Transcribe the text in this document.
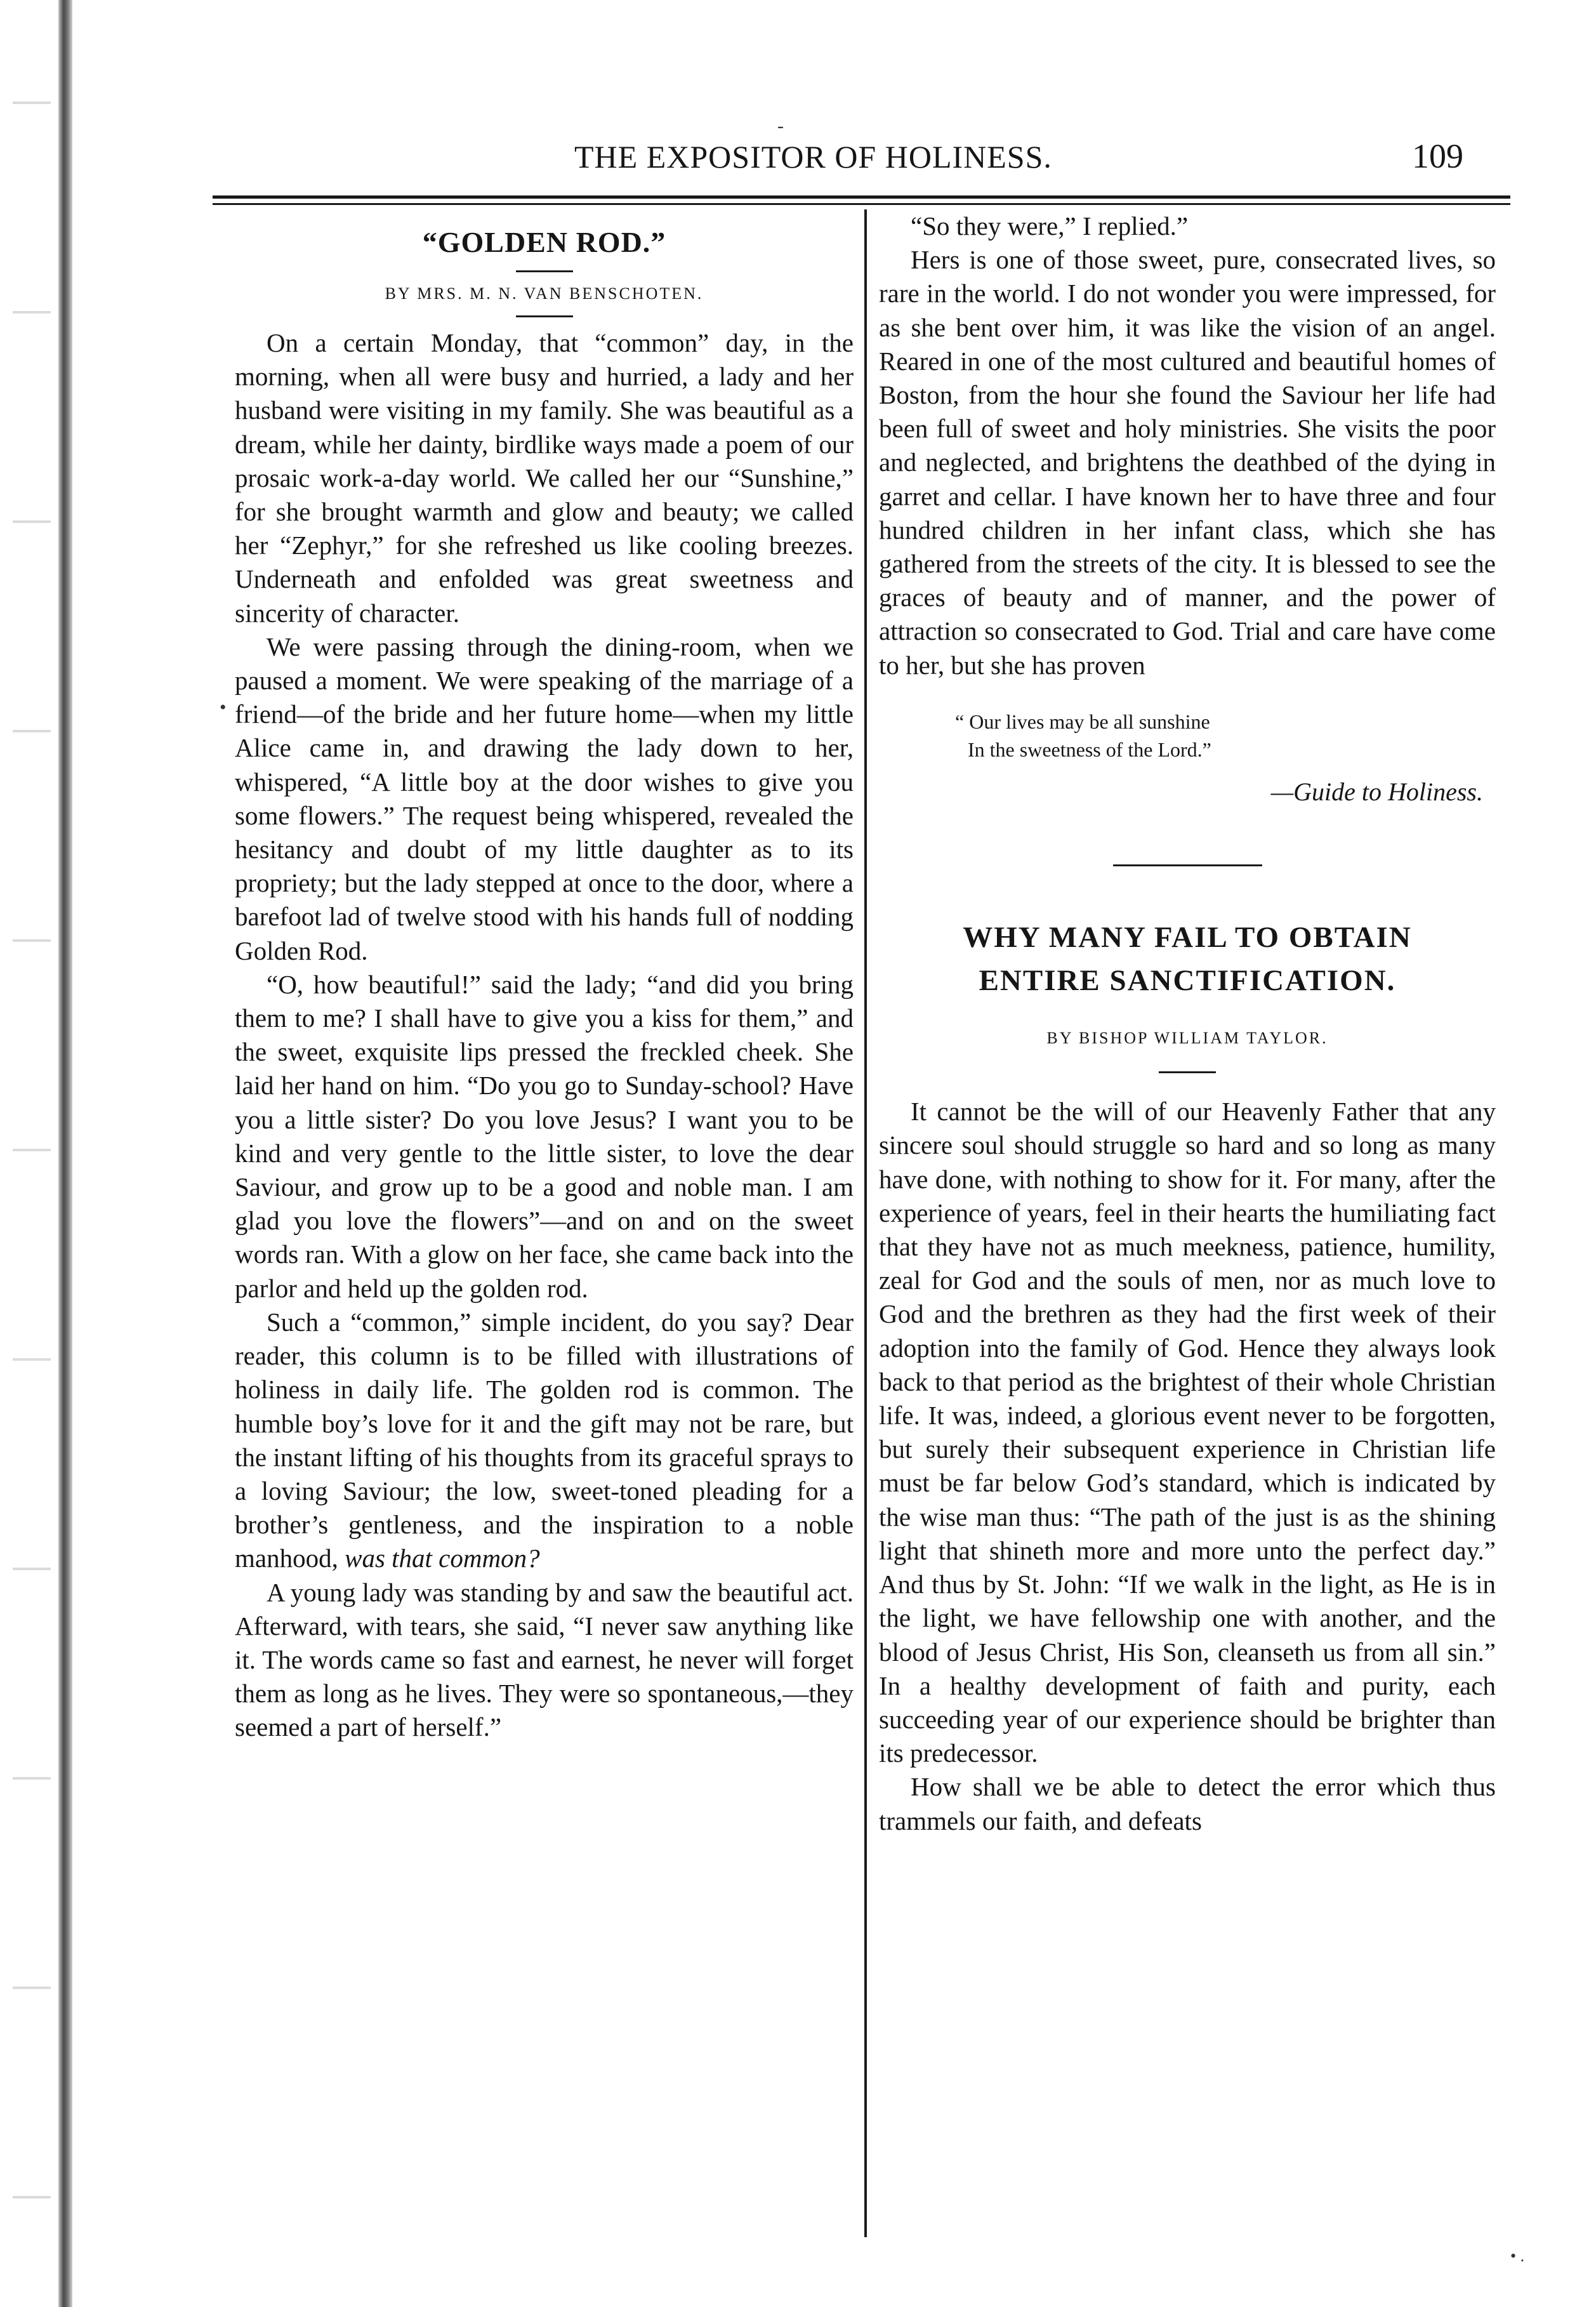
THE EXPOSITOR OF HOLINESS.	109
“GOLDEN ROD.”

BY MRS. M. N. VAN BENSCHOTEN.

On a certain Monday, that “common” day, in the morning, when all were busy and hurried, a lady and her husband were visiting in my family. She was beautiful as a dream, while her dainty, birdlike ways made a poem of our prosaic work-a-day world. We called her our “Sunshine,” for she brought warmth and glow and beauty; we called her “Zephyr,” for she refreshed us like cooling breezes. Underneath and enfolded was great sweetness and sincerity of character.

We were passing through the dining-room, when we paused a moment. We were speaking of the marriage of a friend—of the bride and her future home—when my little Alice came in, and drawing the lady down to her, whispered, “A little boy at the door wishes to give you some flowers.” The request being whispered, revealed the hesitancy and doubt of my little daughter as to its propriety; but the lady stepped at once to the door, where a barefoot lad of twelve stood with his hands full of nodding Golden Rod.

“O, how beautiful!” said the lady; “and did you bring them to me? I shall have to give you a kiss for them,” and the sweet, exquisite lips pressed the freckled cheek. She laid her hand on him. “Do you go to Sunday-school? Have you a little sister? Do you love Jesus? I want you to be kind and very gentle to the little sister, to love the dear Saviour, and grow up to be a good and noble man. I am glad you love the flowers”—and on and on the sweet words ran. With a glow on her face, she came back into the parlor and held up the golden rod.

Such a “common,” simple incident, do you say? Dear reader, this column is to be filled with illustrations of holiness in daily life. The golden rod is common. The humble boy’s love for it and the gift may not be rare, but the instant lifting of his thoughts from its graceful sprays to a loving Saviour; the low, sweet-toned pleading for a brother’s gentleness, and the inspiration to a noble manhood, was that common?

A young lady was standing by and saw the beautiful act. Afterward, with tears, she said, “I never saw anything like it. The words came so fast and earnest, he never will forget them as long as he lives. They were so spontaneous,—they seemed a part of herself.”

“So they were,” I replied.”

Hers is one of those sweet, pure, consecrated lives, so rare in the world. I do not wonder you were impressed, for as she bent over him, it was like the vision of an angel. Reared in one of the most cultured and beautiful homes of Boston, from the hour she found the Saviour her life had been full of sweet and holy ministries. She visits the poor and neglected, and brightens the deathbed of the dying in garret and cellar. I have known her to have three and four hundred children in her infant class, which she has gathered from the streets of the city. It is blessed to see the graces of beauty and of manner, and the power of attraction so consecrated to God. Trial and care have come to her, but she has proven

“ Our lives may be all sunshine
In the sweetness of the Lord.”
—Guide to Holiness.
WHY MANY FAIL TO OBTAIN
ENTIRE SANCTIFICATION.

BY BISHOP WILLIAM TAYLOR.

It cannot be the will of our Heavenly Father that any sincere soul should struggle so hard and so long as many have done, with nothing to show for it. For many, after the experience of years, feel in their hearts the humiliating fact that they have not as much meekness, patience, humility, zeal for God and the souls of men, nor as much love to God and the brethren as they had the first week of their adoption into the family of God. Hence they always look back to that period as the brightest of their whole Christian life. It was, indeed, a glorious event never to be forgotten, but surely their subsequent experience in Christian life must be far below God’s standard, which is indicated by the wise man thus: “The path of the just is as the shining light that shineth more and more unto the perfect day.” And thus by St. John: “If we walk in the light, as He is in the light, we have fellowship one with another, and the blood of Jesus Christ, His Son, cleanseth us from all sin.” In a healthy development of faith and purity, each succeeding year of our experience should be brighter than its predecessor.

How shall we be able to detect the error which thus trammels our faith, and defeats

•
-
• .
